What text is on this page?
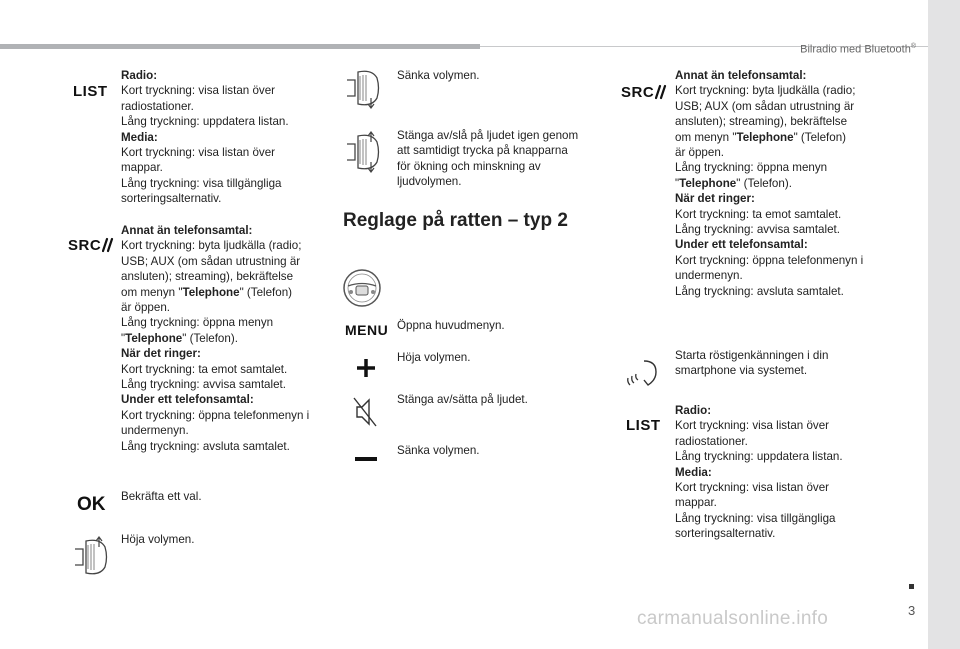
Bilradio med Bluetooth®
LIST

Radio:

Kort tryckning: visa listan över

radiostationer.

Lång tryckning: uppdatera listan.

Media:

Kort tryckning: visa listan över

mappar.

Lång tryckning: visa tillgängliga

sorteringsalternativ.

SRC

Annat än telefonsamtal:

Kort tryckning: byta ljudkälla (radio;

USB; AUX (om sådan utrustning är

ansluten); streaming), bekräftelse

om menyn "Telephone" (Telefon)

är öppen.

Lång tryckning: öppna menyn

"Telephone" (Telefon).

När det ringer:

Kort tryckning: ta emot samtalet.

Lång tryckning: avvisa samtalet.

Under ett telefonsamtal:

Kort tryckning: öppna telefonmenyn i

undermenyn.

Lång tryckning: avsluta samtalet.

OK Bekräfta ett val.
Höja volymen.
Sänka volymen.

Stänga av/slå på ljudet igen genom

att samtidigt trycka på knapparna

för ökning och minskning av

ljudvolymen.

Reglage på ratten – typ 2
MENU Öppna huvudmenyn.
Höja volymen.
Stänga av/sätta på ljudet.
Sänka volymen.
SRC

Annat än telefonsamtal:

Kort tryckning: byta ljudkälla (radio;

USB; AUX (om sådan utrustning är

ansluten); streaming), bekräftelse

om menyn "Telephone" (Telefon)

är öppen.

Lång tryckning: öppna menyn

"Telephone" (Telefon).

När det ringer:

Kort tryckning: ta emot samtalet.

Lång tryckning: avvisa samtalet.

Under ett telefonsamtal:

Kort tryckning: öppna telefonmenyn i

undermenyn.

Lång tryckning: avsluta samtalet.

Starta röstigenkänningen i din

smartphone via systemet.

LIST

Radio:

Kort tryckning: visa listan över

radiostationer.

Lång tryckning: uppdatera listan.

Media:

Kort tryckning: visa listan över

mappar.

Lång tryckning: visa tillgängliga

sorteringsalternativ.

3
carmanualsonline.info
